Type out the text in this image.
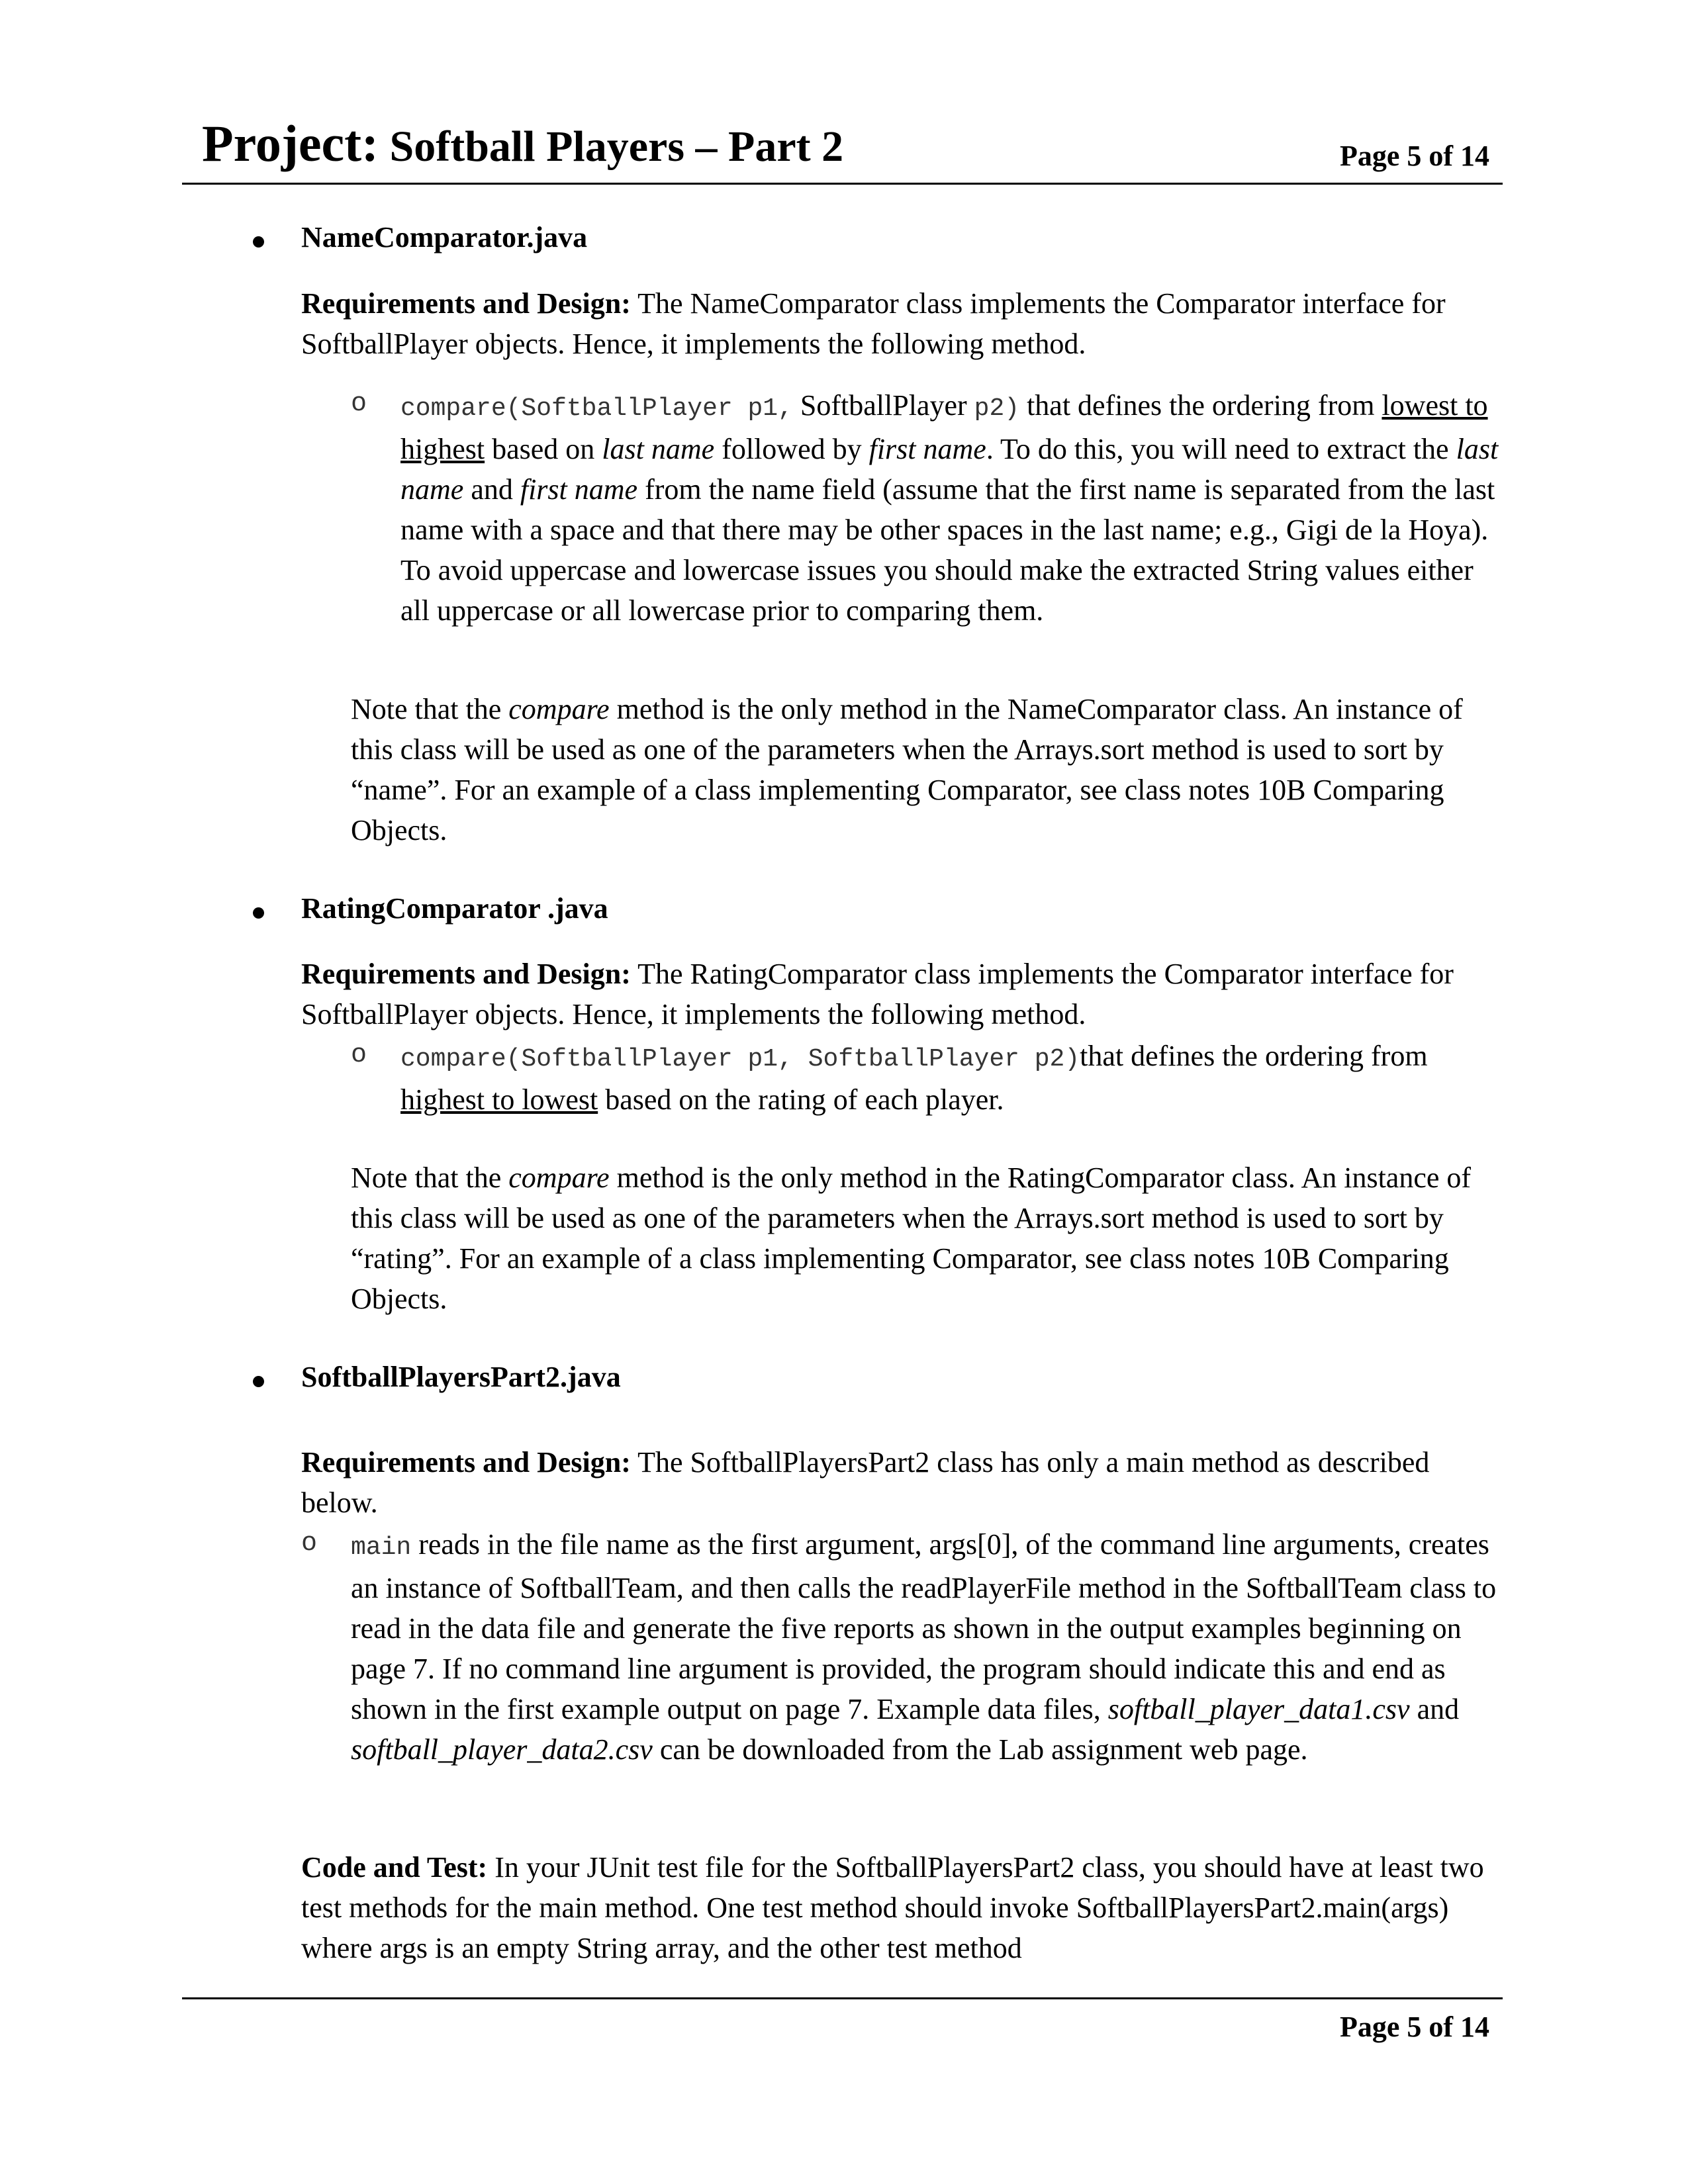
Project: Softball Players – Part 2	Page 5 of 14
NameComparator.java
Requirements and Design: The NameComparator class implements the Comparator interface for SoftballPlayer objects. Hence, it implements the following method.
o compare(SoftballPlayer p1, SoftballPlayer p2) that defines the ordering from lowest to highest based on last name followed by first name. To do this, you will need to extract the last name and first name from the name field (assume that the first name is separated from the last name with a space and that there may be other spaces in the last name; e.g., Gigi de la Hoya). To avoid uppercase and lowercase issues you should make the extracted String values either all uppercase or all lowercase prior to comparing them.
Note that the compare method is the only method in the NameComparator class. An instance of this class will be used as one of the parameters when the Arrays.sort method is used to sort by “name”. For an example of a class implementing Comparator, see class notes 10B Comparing Objects.
RatingComparator .java
Requirements and Design: The RatingComparator class implements the Comparator interface for SoftballPlayer objects. Hence, it implements the following method.
o compare(SoftballPlayer p1, SoftballPlayer p2)that defines the ordering from highest to lowest based on the rating of each player.
Note that the compare method is the only method in the RatingComparator class. An instance of this class will be used as one of the parameters when the Arrays.sort method is used to sort by “rating”. For an example of a class implementing Comparator, see class notes 10B Comparing Objects.
SoftballPlayersPart2.java
Requirements and Design: The SoftballPlayersPart2 class has only a main method as described below.
o main reads in the file name as the first argument, args[0], of the command line arguments, creates an instance of SoftballTeam, and then calls the readPlayerFile method in the SoftballTeam class to read in the data file and generate the five reports as shown in the output examples beginning on page 7. If no command line argument is provided, the program should indicate this and end as shown in the first example output on page 7. Example data files, softball_player_data1.csv and softball_player_data2.csv can be downloaded from the Lab assignment web page.
Code and Test: In your JUnit test file for the SoftballPlayersPart2 class, you should have at least two test methods for the main method. One test method should invoke SoftballPlayersPart2.main(args) where args is an empty String array, and the other test method
Page 5 of 14
